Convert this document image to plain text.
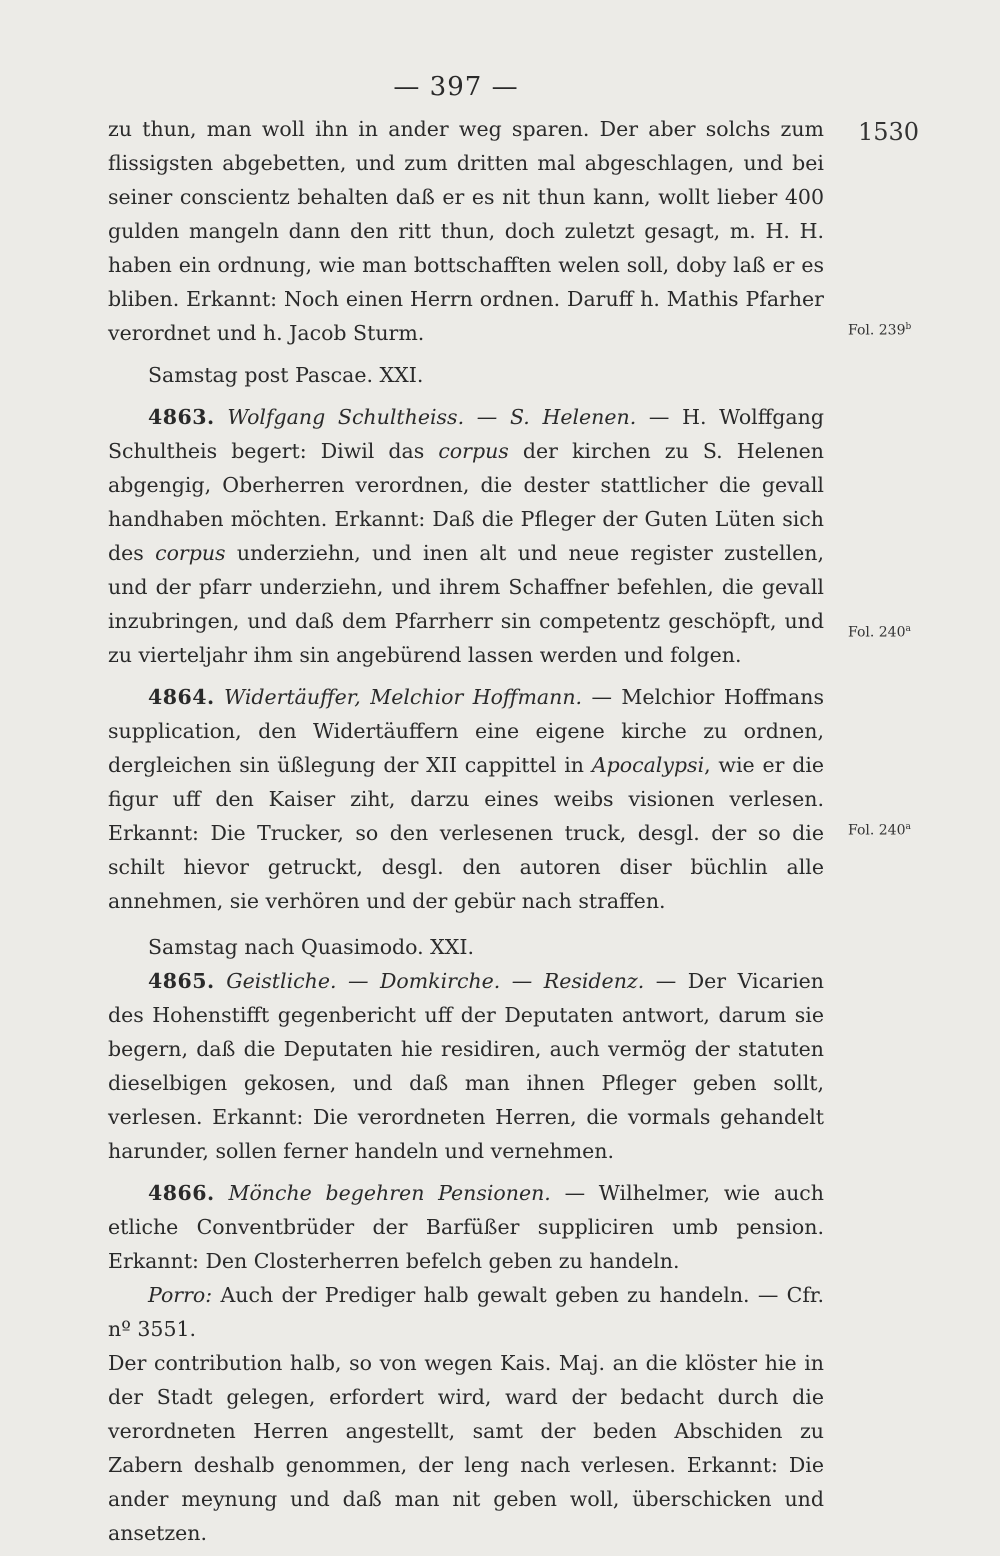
— 397 —
1530
Fol. 239$^b$
Fol. 240$^a$
Fol. 240$^a$

zu thun, man woll ihn in ander weg sparen. Der aber solchs zum flissigsten abgebetten, und zum dritten mal abgeschlagen, und bei seiner conscientz behalten daß er es nit thun kann, wollt lieber 400 gulden mangeln dann den ritt thun, doch zuletzt gesagt, m. H. H. haben ein ordnung, wie man bottschafften welen soll, doby laß er es bliben. Erkannt: Noch einen Herrn ordnen. Daruff h. Mathis Pfarher verordnet und h. Jacob Sturm.

Samstag post Pascae. XXI.

4863. Wolfgang Schultheiss. — S. Helenen. — H. Wolffgang Schultheis begert: Diwil das corpus der kirchen zu S. Helenen abgengig, Oberherren verordnen, die dester stattlicher die gevall handhaben möchten. Erkannt: Daß die Pfleger der Guten Lüten sich des corpus underziehn, und inen alt und neue register zustellen, und der pfarr underziehn, und ihrem Schaffner befehlen, die gevall inzubringen, und daß dem Pfarrherr sin competentz geschöpft, und zu vierteljahr ihm sin angebürend lassen werden und folgen.

4864. Widertäuffer, Melchior Hoffmann. — Melchior Hoffmans supplication, den Widertäuffern eine eigene kirche zu ordnen, dergleichen sin üßlegung der XII cappittel in Apocalypsi, wie er die figur uff den Kaiser ziht, darzu eines weibs visionen verlesen. Erkannt: Die Trucker, so den verlesenen truck, desgl. der so die schilt hievor getruckt, desgl. den autoren diser büchlin alle annehmen, sie verhören und der gebür nach straffen.

Samstag nach Quasimodo. XXI.

4865. Geistliche. — Domkirche. — Residenz. — Der Vicarien des Hohenstifft gegenbericht uff der Deputaten antwort, darum sie begern, daß die Deputaten hie residiren, auch vermög der statuten dieselbigen gekosen, und daß man ihnen Pfleger geben sollt, verlesen. Erkannt: Die verordneten Herren, die vormals gehandelt harunder, sollen ferner handeln und vernehmen.

4866. Mönche begehren Pensionen. — Wilhelmer, wie auch etliche Conventbrüder der Barfüßer suppliciren umb pension. Erkannt: Den Closterherren befelch geben zu handeln.

Porro: Auch der Prediger halb gewalt geben zu handeln. — Cfr. nº 3551.

Der contribution halb, so von wegen Kais. Maj. an die klöster hie in der Stadt gelegen, erfordert wird, ward der bedacht durch die verordneten Herren angestellt, samt der beden Abschiden zu Zabern deshalb genommen, der leng nach verlesen. Erkannt: Die ander meynung und daß man nit geben woll, überschicken und ansetzen.
